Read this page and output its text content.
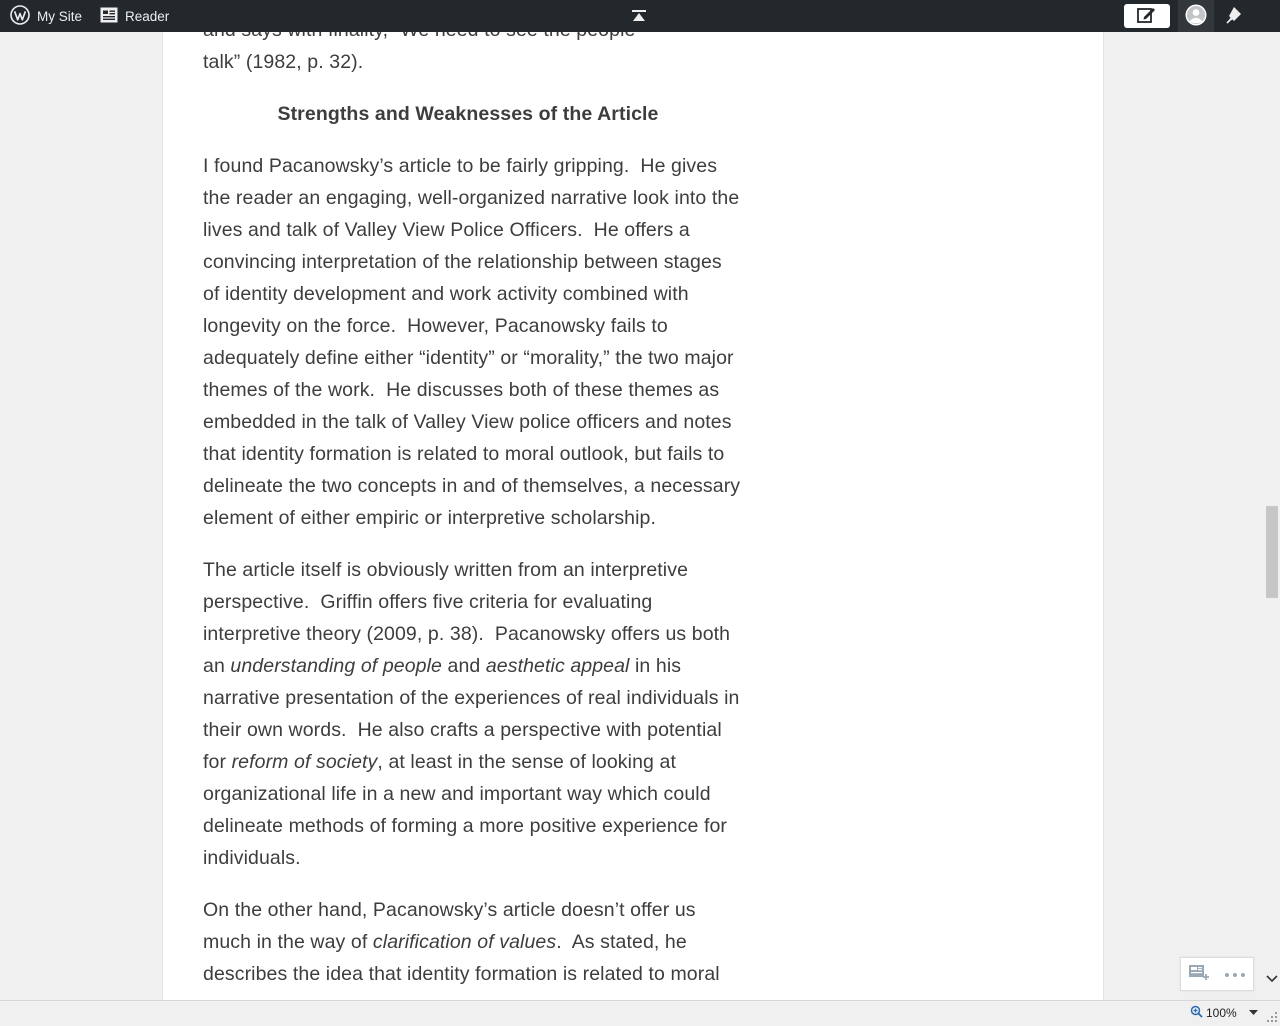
talk” (1982, p. 32).

Strengths and Weaknesses of the Article

I found Pacanowsky’s article to be fairly gripping.  He gives the reader an engaging, well-organized narrative look into the lives and talk of Valley View Police Officers.  He offers a convincing interpretation of the relationship between stages of identity development and work activity combined with longevity on the force.  However, Pacanowsky fails to adequately define either “identity” or “morality,” the two major themes of the work.  He discusses both of these themes as embedded in the talk of Valley View police officers and notes that identity formation is related to moral outlook, but fails to delineate the two concepts in and of themselves, a necessary element of either empiric or interpretive scholarship.

The article itself is obviously written from an interpretive perspective.  Griffin offers five criteria for evaluating interpretive theory (2009, p. 38).  Pacanowsky offers us both an understanding of people and aesthetic appeal in his narrative presentation of the experiences of real individuals in their own words.  He also crafts a perspective with potential for reform of society, at least in the sense of looking at organizational life in a new and important way which could delineate methods of forming a more positive experience for individuals.

On the other hand, Pacanowsky’s article doesn’t offer us much in the way of clarification of values.  As stated, he describes the idea that identity formation is related to moral

My Site	Reader
100%
